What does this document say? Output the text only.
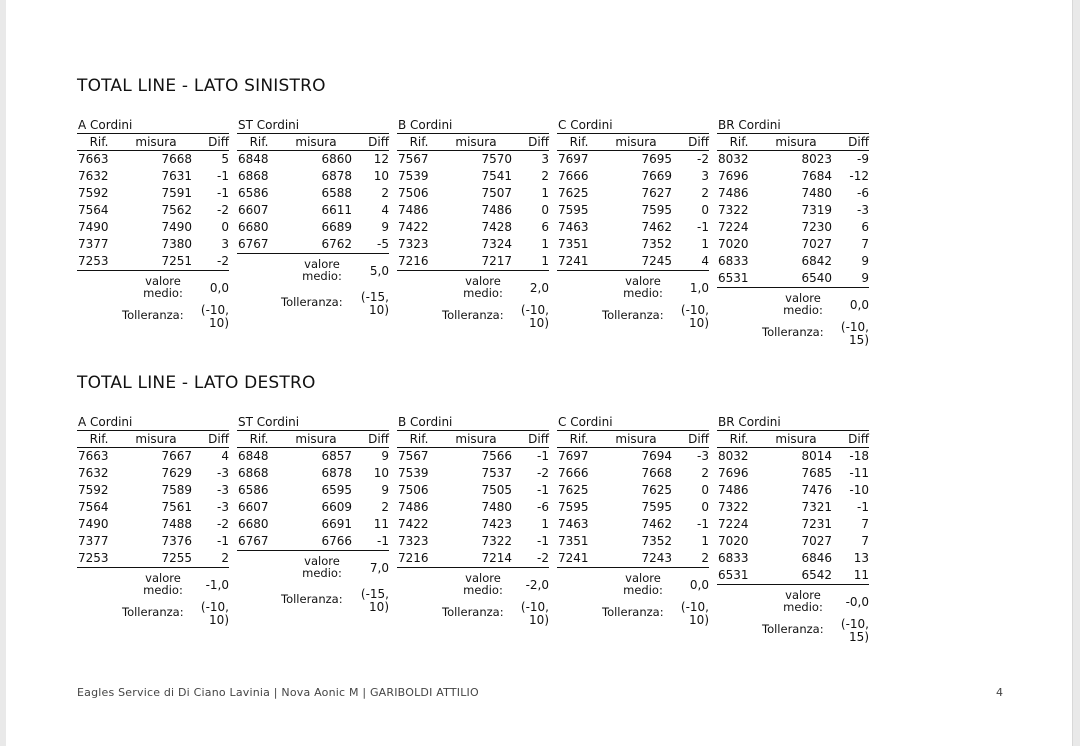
TOTAL LINE - LATO SINISTRO
A Cordini
Rif.	misura	Diff
7663	7668	5
7632	7631	-1
7592	7591	-1
7564	7562	-2
7490	7490	0
7377	7380	3
7253	7251	-2
valore
medio:	0,0
Tolleranza:	(-10,
10)
ST Cordini
Rif.	misura	Diff
6848	6860	12
6868	6878	10
6586	6588	2
6607	6611	4
6680	6689	9
6767	6762	-5
valore
medio:	5,0
Tolleranza:	(-15,
10)
B Cordini
Rif.	misura	Diff
7567	7570	3
7539	7541	2
7506	7507	1
7486	7486	0
7422	7428	6
7323	7324	1
7216	7217	1
valore
medio:	2,0
Tolleranza:	(-10,
10)
C Cordini
Rif.	misura	Diff
7697	7695	-2
7666	7669	3
7625	7627	2
7595	7595	0
7463	7462	-1
7351	7352	1
7241	7245	4
valore
medio:	1,0
Tolleranza:	(-10,
10)
BR Cordini
Rif.	misura	Diff
8032	8023	-9
7696	7684	-12
7486	7480	-6
7322	7319	-3
7224	7230	6
7020	7027	7
6833	6842	9
6531	6540	9
valore
medio:	0,0
Tolleranza:	(-10,
15)
TOTAL LINE - LATO DESTRO
A Cordini
Rif.	misura	Diff
7663	7667	4
7632	7629	-3
7592	7589	-3
7564	7561	-3
7490	7488	-2
7377	7376	-1
7253	7255	2
valore
medio:	-1,0
Tolleranza:	(-10,
10)
ST Cordini
Rif.	misura	Diff
6848	6857	9
6868	6878	10
6586	6595	9
6607	6609	2
6680	6691	11
6767	6766	-1
valore
medio:	7,0
Tolleranza:	(-15,
10)
B Cordini
Rif.	misura	Diff
7567	7566	-1
7539	7537	-2
7506	7505	-1
7486	7480	-6
7422	7423	1
7323	7322	-1
7216	7214	-2
valore
medio:	-2,0
Tolleranza:	(-10,
10)
C Cordini
Rif.	misura	Diff
7697	7694	-3
7666	7668	2
7625	7625	0
7595	7595	0
7463	7462	-1
7351	7352	1
7241	7243	2
valore
medio:	0,0
Tolleranza:	(-10,
10)
BR Cordini
Rif.	misura	Diff
8032	8014	-18
7696	7685	-11
7486	7476	-10
7322	7321	-1
7224	7231	7
7020	7027	7
6833	6846	13
6531	6542	11
valore
medio:	-0,0
Tolleranza:	(-10,
15)
Eagles Service di Di Ciano Lavinia | Nova Aonic M | GARIBOLDI ATTILIO	4
